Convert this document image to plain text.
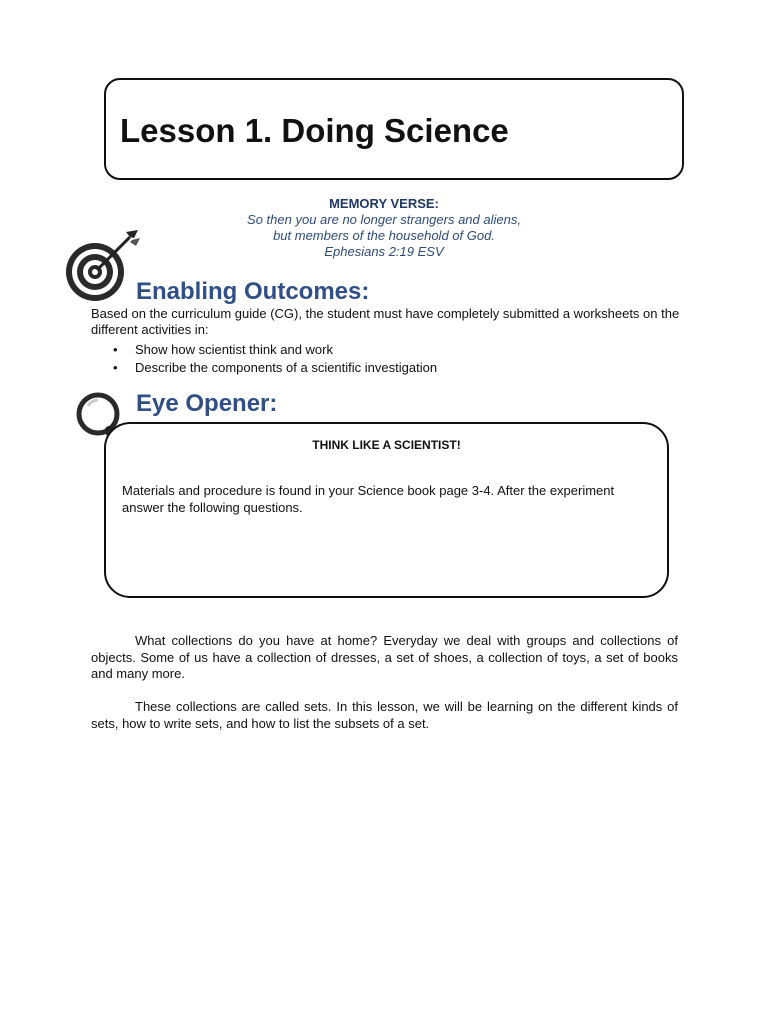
Lesson 1. Doing Science
MEMORY VERSE:
So then you are no longer strangers and aliens,
but members of the household of God.
Ephesians 2:19 ESV
Enabling Outcomes:

Based on the curriculum guide (CG), the student must have completely submitted a worksheets on the different activities in:

• Show how scientist think and work
• Describe the components of a scientific investigation
Eye Opener:

THINK LIKE A SCIENTIST!

Materials and procedure is found in your Science book page 3-4. After the experiment answer the following questions.

What collections do you have at home? Everyday we deal with groups and collections of objects. Some of us have a collection of dresses, a set of shoes, a collection of toys, a set of books and many more.

These collections are called sets. In this lesson, we will be learning on the different kinds of sets, how to write sets, and how to list the subsets of a set.
